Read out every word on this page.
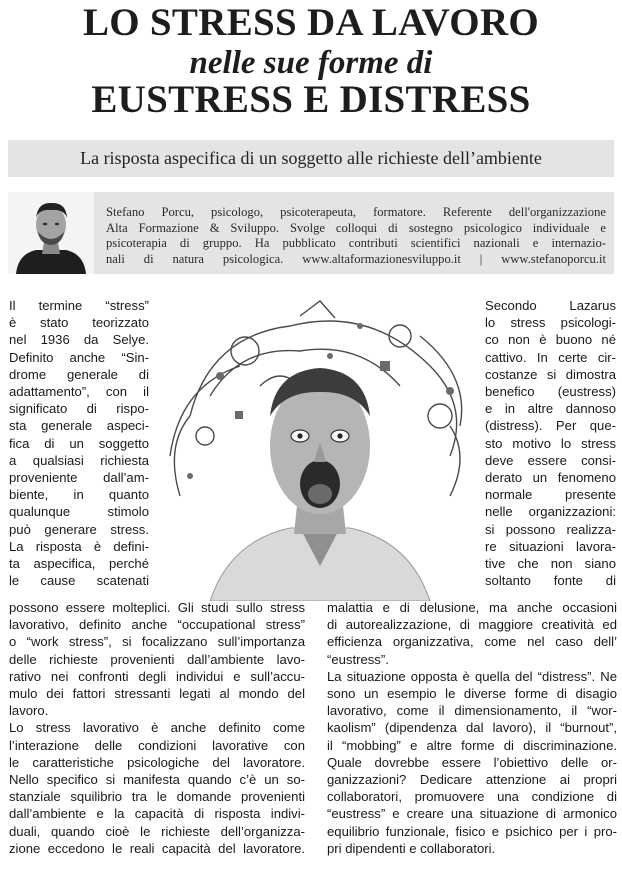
LO STRESS DA LAVORO
nelle sue forme di
EUSTRESS E DISTRESS
La risposta aspecifica di un soggetto alle richieste dell’ambiente
Stefano Porcu, psicologo, psicoterapeuta, formatore. Referente dell'organizzazione
Alta Formazione & Sviluppo. Svolge colloqui di sostegno psicologico individuale e
psicoterapia di gruppo. Ha pubblicato contributi scientifici nazionali e internazio-
nali di natura psicologica. www.altaformazionesviluppo.it | www.stefanoporcu.it
Il termine “stress”
è stato teorizzato
nel 1936 da Selye.
Definito anche “Sin-
drome generale di
adattamento”, con il
significato di rispo-
sta generale aspeci-
fica di un soggetto
a qualsiasi richiesta
proveniente dall’am-
biente, in quanto
qualunque stimolo
può generare stress.
La risposta è defini-
ta aspecifica, perché
le cause scatenati
Secondo Lazarus
lo stress psicologi-
co non è buono né
cattivo. In certe cir-
costanze si dimostra
benefico (eustress)
e in altre dannoso
(distress). Per que-
sto motivo lo stress
deve essere consi-
derato un fenomeno
normale presente
nelle organizzazioni:
si possono realizza-
re situazioni lavora-
tive che non siano
soltanto fonte di
possono essere molteplici. Gli studi sullo stress
lavorativo, definito anche “occupational stress”
o “work stress”, si focalizzano sull’importanza
delle richieste provenienti dall’ambiente lavo-
rativo nei confronti degli individui e sull’accu-
mulo dei fattori stressanti legati al mondo del
lavoro.
Lo stress lavorativo è anche definito come
l’interazione delle condizioni lavorative con
le caratteristiche psicologiche del lavoratore.
Nello specifico si manifesta quando c’è un so-
stanziale squilibrio tra le domande provenienti
dall’ambiente e la capacità di risposta indivi-
duali, quando cioè le richieste dell’organizza-
zione eccedono le reali capacità del lavoratore.
malattia e di delusione, ma anche occasioni
di autorealizzazione, di maggiore creatività ed
efficienza organizzativa, come nel caso dell’
“eustress”.
La situazione opposta è quella del “distress”. Ne
sono un esempio le diverse forme di disagio
lavorativo, come il dimensionamento, il “wor-
kaolism” (dipendenza dal lavoro), il “burnout”,
il “mobbing” e altre forme di discriminazione.
Quale dovrebbe essere l’obiettivo delle or-
ganizzazioni? Dedicare attenzione ai propri
collaboratori, promuovere una condizione di
“eustress” e creare una situazione di armonico
equilibrio funzionale, fisico e psichico per i pro-
pri dipendenti e collaboratori.
